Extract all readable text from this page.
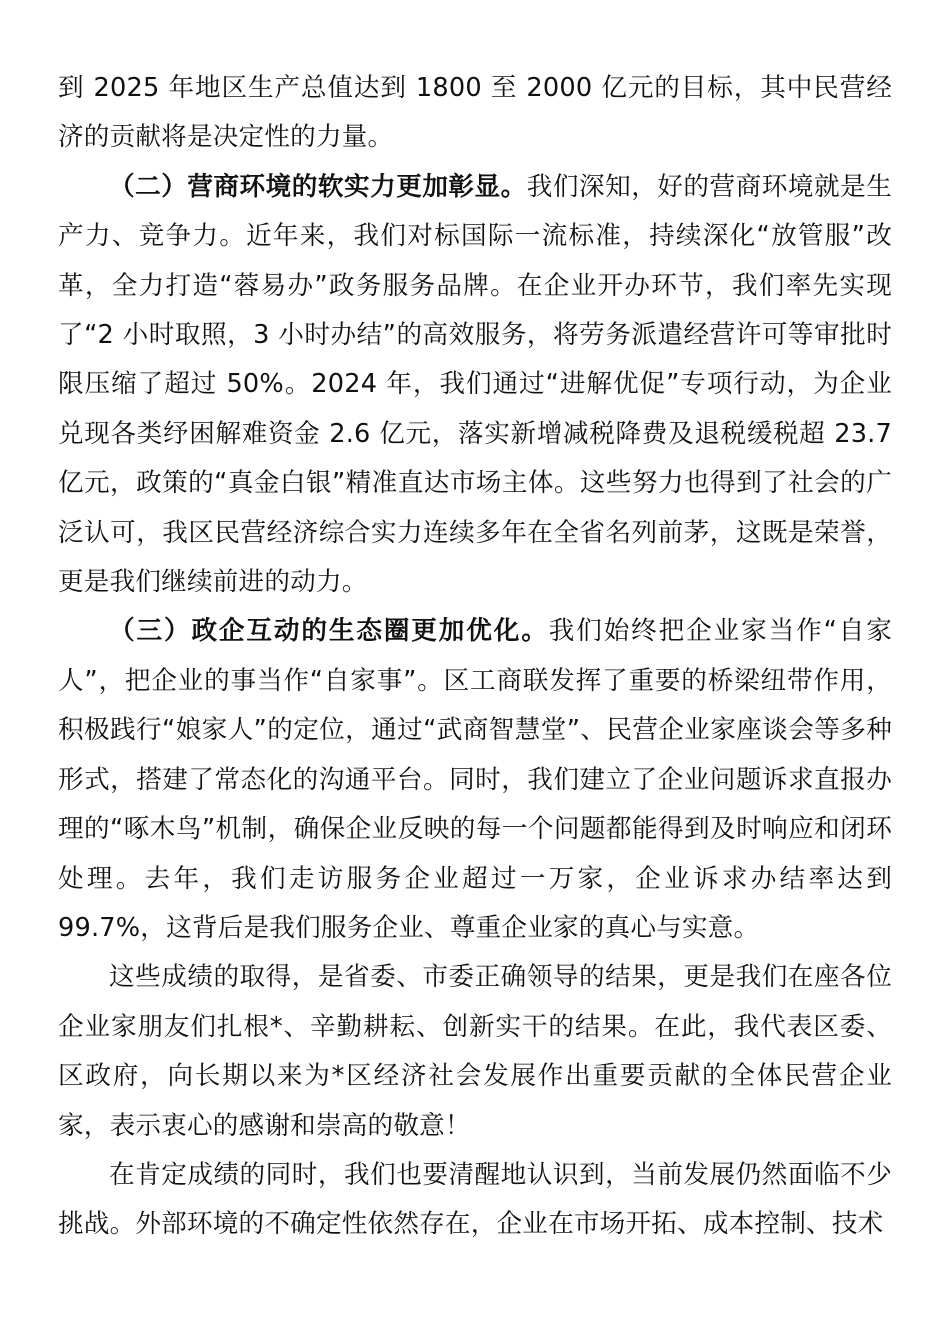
到 2025 年地区生产总值达到 1800 至 2000 亿元的目标，其中民营经济的贡献将是决定性的力量。

（二）营商环境的软实力更加彰显。我们深知，好的营商环境就是生产力、竞争力。近年来，我们对标国际一流标准，持续深化“放管服”改革，全力打造“蓉易办”政务服务品牌。在企业开办环节，我们率先实现了“2 小时取照，3 小时办结”的高效服务，将劳务派遣经营许可等审批时限压缩了超过 50%。2024 年，我们通过“进解优促”专项行动，为企业兑现各类纾困解难资金 2.6 亿元，落实新增减税降费及退税缓税超 23.7 亿元，政策的“真金白银”精准直达市场主体。这些努力也得到了社会的广泛认可，我区民营经济综合实力连续多年在全省名列前茅，这既是荣誉，更是我们继续前进的动力。

（三）政企互动的生态圈更加优化。我们始终把企业家当作“自家人”，把企业的事当作“自家事”。区工商联发挥了重要的桥梁纽带作用，积极践行“娘家人”的定位，通过“武商智慧堂”、民营企业家座谈会等多种形式，搭建了常态化的沟通平台。同时，我们建立了企业问题诉求直报办理的“啄木鸟”机制，确保企业反映的每一个问题都能得到及时响应和闭环处理。去年，我们走访服务企业超过一万家，企业诉求办结率达到 99.7%，这背后是我们服务企业、尊重企业家的真心与实意。

这些成绩的取得，是省委、市委正确领导的结果，更是我们在座各位企业家朋友们扎根*、辛勤耕耘、创新实干的结果。在此，我代表区委、区政府，向长期以来为*区经济社会发展作出重要贡献的全体民营企业家，表示衷心的感谢和崇高的敬意！

在肯定成绩的同时，我们也要清醒地认识到，当前发展仍然面临不少挑战。外部环境的不确定性依然存在，企业在市场开拓、成本控制、技术
